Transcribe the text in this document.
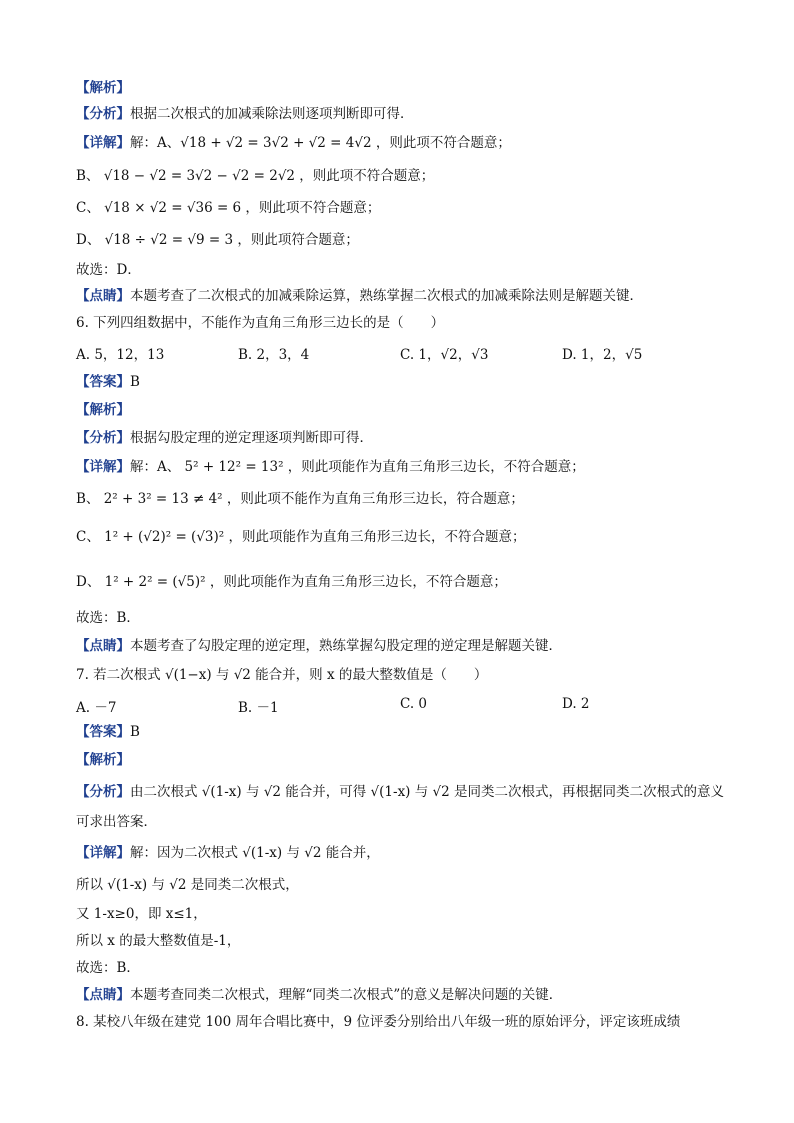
【解析】
【分析】根据二次根式的加减乘除法则逐项判断即可得．
【详解】解：A、√18 + √2 = 3√2 + √2 = 4√2 ，则此项不符合题意；
B、 √18 − √2 = 3√2 − √2 = 2√2 ，则此项不符合题意；
C、 √18 × √2 = √36 = 6 ，则此项不符合题意；
D、 √18 ÷ √2 = √9 = 3 ，则此项符合题意；
故选：D．
【点睛】本题考查了二次根式的加减乘除运算，熟练掌握二次根式的加减乘除法则是解题关键．
6. 下列四组数据中，不能作为直角三角形三边长的是（　　）
A. 5，12，13	B. 2，3，4	C. 1，√2，√3	D. 1，2，√5
【答案】B
【解析】
【分析】根据勾股定理的逆定理逐项判断即可得．
【详解】解：A、 5² + 12² = 13² ，则此项能作为直角三角形三边长，不符合题意；
B、 2² + 3² = 13 ≠ 4² ，则此项不能作为直角三角形三边长，符合题意；
C、 1² + (√2)² = (√3)² ，则此项能作为直角三角形三边长，不符合题意；
D、 1² + 2² = (√5)² ，则此项能作为直角三角形三边长，不符合题意；
故选：B．
【点睛】本题考查了勾股定理的逆定理，熟练掌握勾股定理的逆定理是解题关键．
7. 若二次根式 √(1−x) 与 √2 能合并，则 x 的最大整数值是（　　）
A. －7	B. －1	C. 0	D. 2
【答案】B
【解析】
【分析】由二次根式 √(1-x) 与 √2 能合并，可得 √(1-x) 与 √2 是同类二次根式，再根据同类二次根式的意义
可求出答案．
【详解】解：因为二次根式 √(1-x) 与 √2 能合并，
所以 √(1-x) 与 √2 是同类二次根式，
又 1-x≥0，即 x≤1，
所以 x 的最大整数值是-1，
故选：B．
【点睛】本题考查同类二次根式，理解“同类二次根式”的意义是解决问题的关键．
8. 某校八年级在建党 100 周年合唱比赛中，9 位评委分别给出八年级一班的原始评分，评定该班成绩
